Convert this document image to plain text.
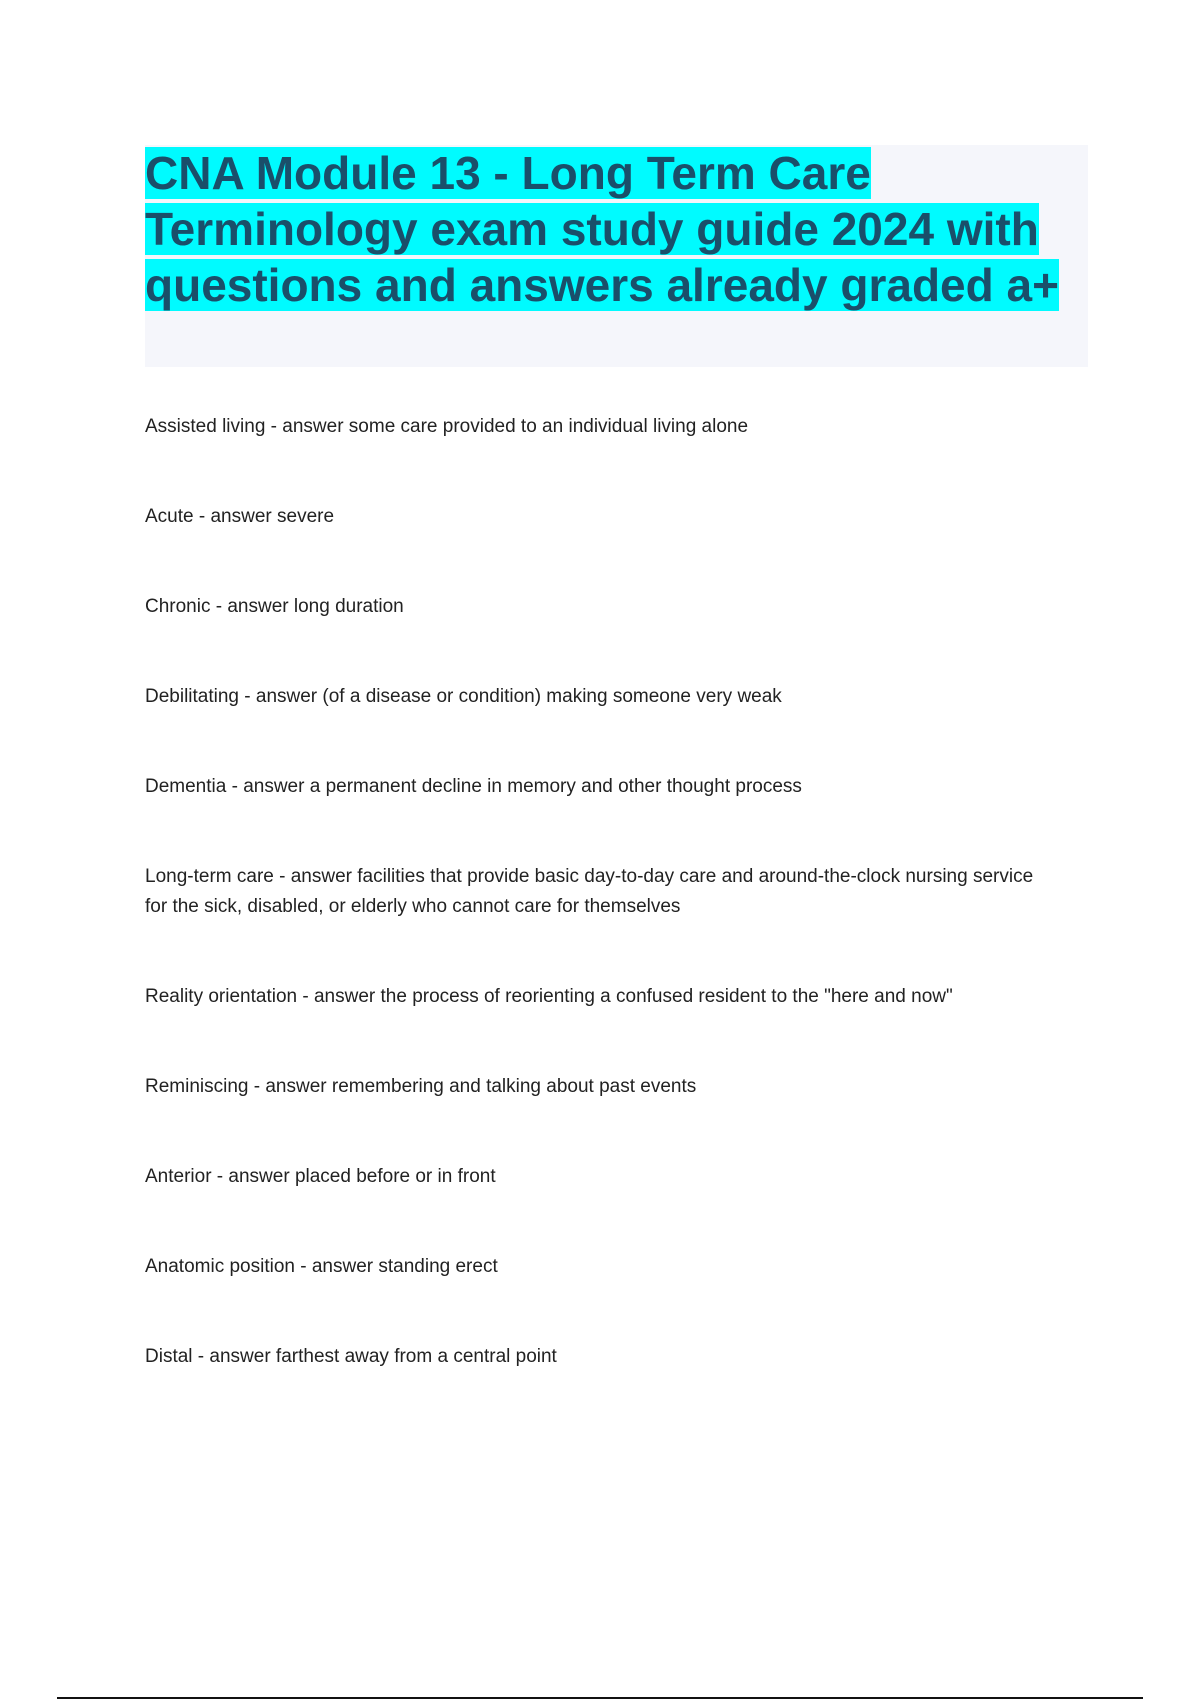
CNA Module 13 - Long Term Care Terminology exam study guide 2024 with questions and answers already graded a+
Assisted living - answer some care provided to an individual living alone
Acute - answer severe
Chronic - answer long duration
Debilitating - answer (of a disease or condition) making someone very weak
Dementia - answer a permanent decline in memory and other thought process
Long-term care - answer facilities that provide basic day-to-day care and around-the-clock nursing service for the sick, disabled, or elderly who cannot care for themselves
Reality orientation - answer the process of reorienting a confused resident to the "here and now"
Reminiscing - answer remembering and talking about past events
Anterior - answer placed before or in front
Anatomic position - answer standing erect
Distal - answer farthest away from a central point
